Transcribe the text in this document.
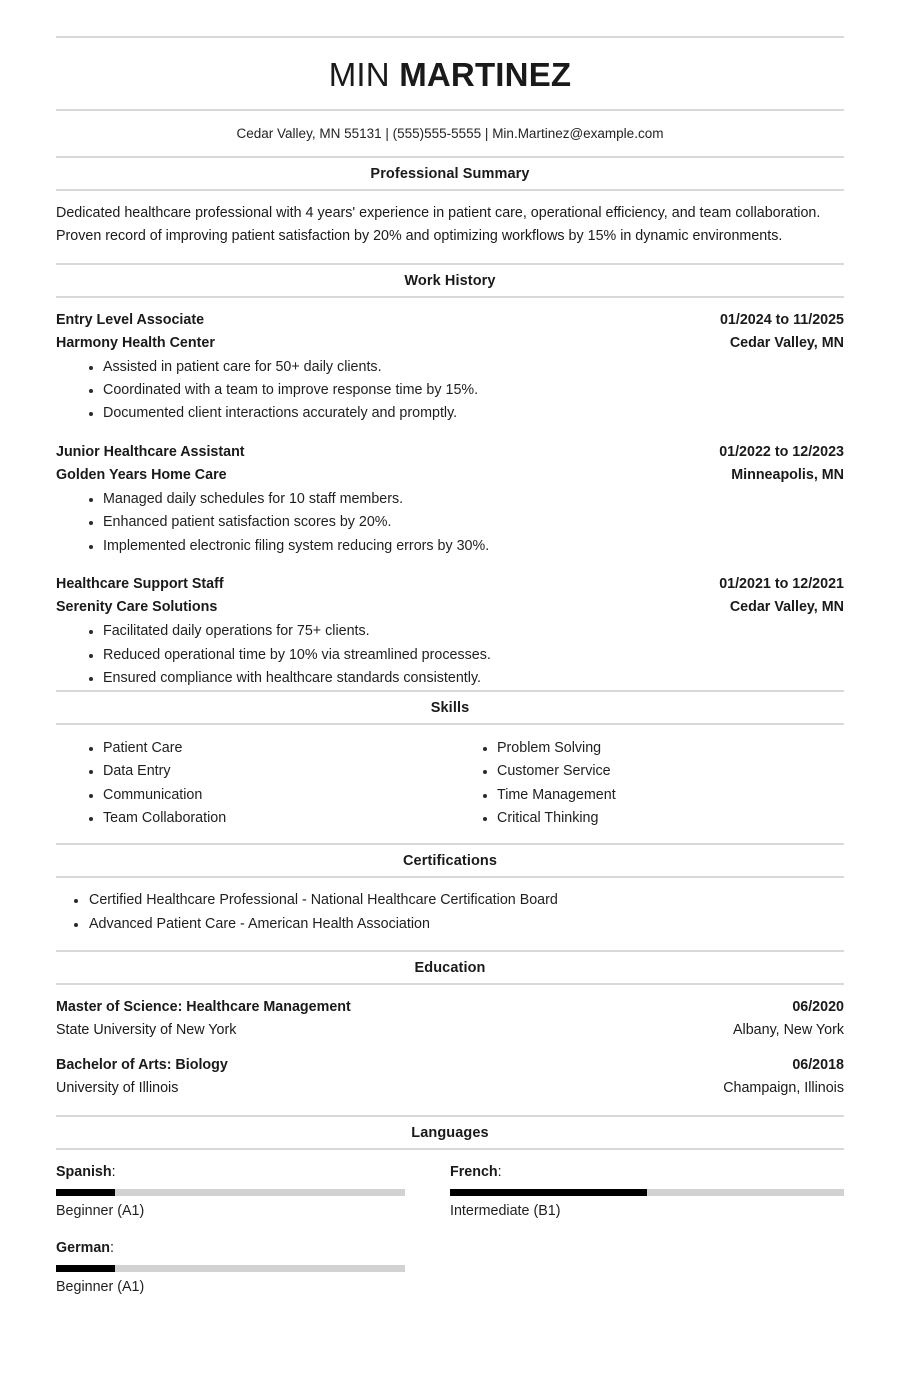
MIN MARTINEZ
Cedar Valley, MN 55131 | (555)555-5555 | Min.Martinez@example.com
Professional Summary
Dedicated healthcare professional with 4 years' experience in patient care, operational efficiency, and team collaboration. Proven record of improving patient satisfaction by 20% and optimizing workflows by 15% in dynamic environments.
Work History
Entry Level Associate	01/2024 to 11/2025
Harmony Health Center	Cedar Valley, MN
Assisted in patient care for 50+ daily clients.
Coordinated with a team to improve response time by 15%.
Documented client interactions accurately and promptly.
Junior Healthcare Assistant	01/2022 to 12/2023
Golden Years Home Care	Minneapolis, MN
Managed daily schedules for 10 staff members.
Enhanced patient satisfaction scores by 20%.
Implemented electronic filing system reducing errors by 30%.
Healthcare Support Staff	01/2021 to 12/2021
Serenity Care Solutions	Cedar Valley, MN
Facilitated daily operations for 75+ clients.
Reduced operational time by 10% via streamlined processes.
Ensured compliance with healthcare standards consistently.
Skills
Patient Care
Data Entry
Communication
Team Collaboration
Problem Solving
Customer Service
Time Management
Critical Thinking
Certifications
Certified Healthcare Professional - National Healthcare Certification Board
Advanced Patient Care - American Health Association
Education
Master of Science: Healthcare Management	06/2020
State University of New York	Albany, New York
Bachelor of Arts: Biology	06/2018
University of Illinois	Champaign, Illinois
Languages
Spanish:
Beginner (A1)
French:
Intermediate (B1)
German:
Beginner (A1)
